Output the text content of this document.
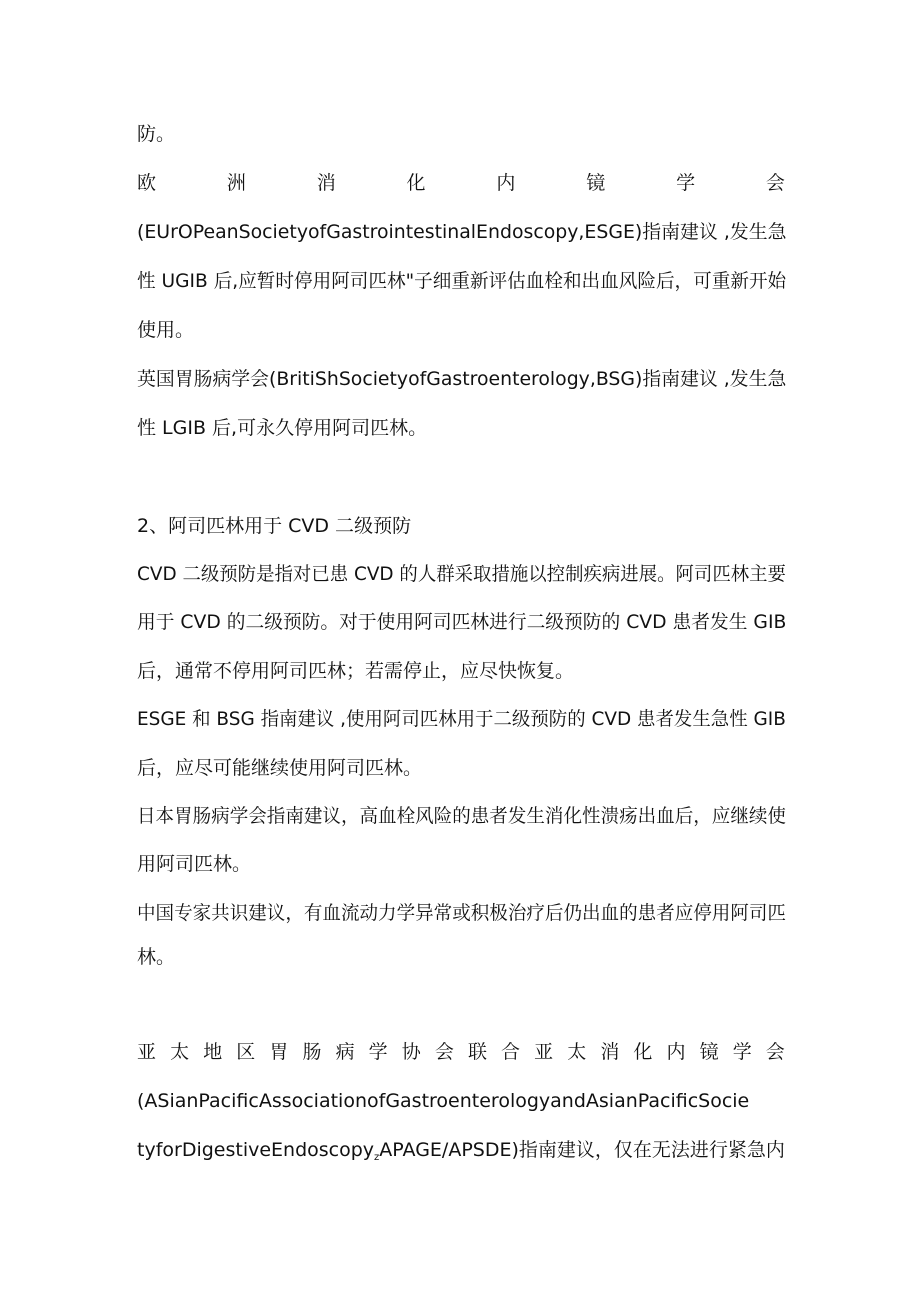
防。
欧	洲	消	化	内	镜	学	会
(EUrOPeanSocietyofGastrointestinalEndoscopy,ESGE)指南建议 ,发生急
性 UGIB 后,应暂时停用阿司匹林"子细重新评估血栓和出血风险后，可重新开始
使用。
英国胃肠病学会(BritiShSocietyofGastroenterology,BSG)指南建议 ,发生急
性 LGIB 后,可永久停用阿司匹林。
2、阿司匹林用于 CVD 二级预防
CVD 二级预防是指对已患 CVD 的人群采取措施以控制疾病进展。阿司匹林主要
用于 CVD 的二级预防。对于使用阿司匹林进行二级预防的 CVD 患者发生 GIB
后，通常不停用阿司匹林；若需停止，应尽快恢复。
ESGE 和 BSG 指南建议 ,使用阿司匹林用于二级预防的 CVD 患者发生急性 GIB
后，应尽可能继续使用阿司匹林。
日本胃肠病学会指南建议，高血栓风险的患者发生消化性溃疡出血后，应继续使
用阿司匹林。
中国专家共识建议，有血流动力学异常或积极治疗后仍出血的患者应停用阿司匹
林。
亚 太 地 区 胃 肠 病 学 协 会 联 合 亚 太 消 化 内 镜 学 会
(ASianPacificAssociationofGastroenterologyandAsianPacificSocie
tyforDigestiveEndoscopy$_z$APAGE/APSDE)指南建议，仅在无法进行紧急内
